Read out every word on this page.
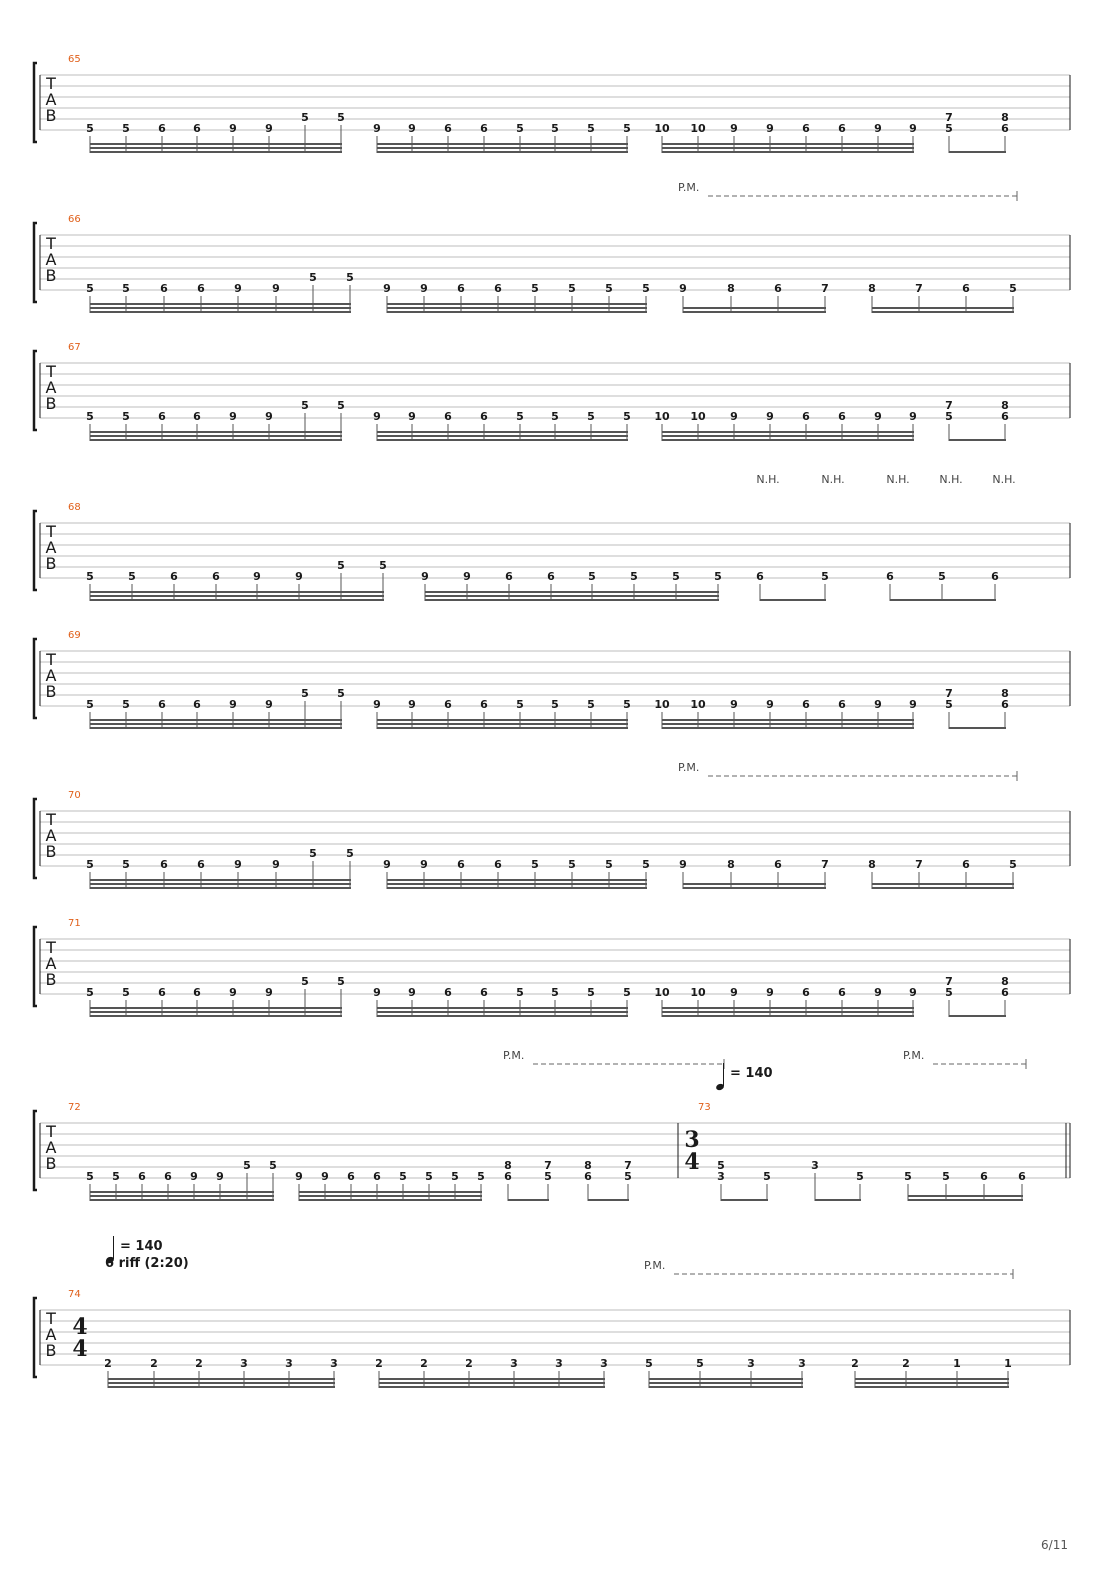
T
A
B
65
5	5	6 6	9	9
5	5
9 9	6	6	5 5	5	5 10 10 9	9	6	6	9 9
7
5
8
6
T
A
B
66
5	5	6	6	9	9
5	5
9	9	6	6	5	5	5	5	9	8	6	7	8	7	6	5
P.M.
T
A
B
67
5	5	6 6	9	9
5	5
9 9	6	6	5 5	5	5 10 10 9	9	6	6	9 9
7
5
8
6
T
A
B
68
5	5	6	6	9	9
5	5
9	9	6	6	5	5	5	5	6	5	6	5	6
N.H.	N.H.	N.H.	N.H.	N.H.
T
A
B
69
5	5	6 6	9	9
5	5
9 9	6	6	5 5	5	5 10 10 9	9	6	6	9 9
7
5
8
6
T
A
B
70
5	5	6	6	9	9
5	5
9	9	6	6	5	5	5	5	9	8	6	7	8	7	6	5
P.M.
T
A
B
71
5	5	6 6	9	9
5	5
9 9	6	6	5 5	5	5 10 10 9	9	6	6	9 9
7
5
8
6
T
A
B
72	73
3
4
5 5 6 6 9 9
5 5
9 9 6 6 5 5 5 5
8
6
7
5
8
6
7
5
5
3	5
3
5	5	5	6	6
P.M.	P.M.
= 140
T
A
B
74
4
4
2	2	2	3	3	3	2	2	2	3	3	3	5	5	3	3	2	2	1	1
= 140
6 riff (2:20)	P.M.
6/11
